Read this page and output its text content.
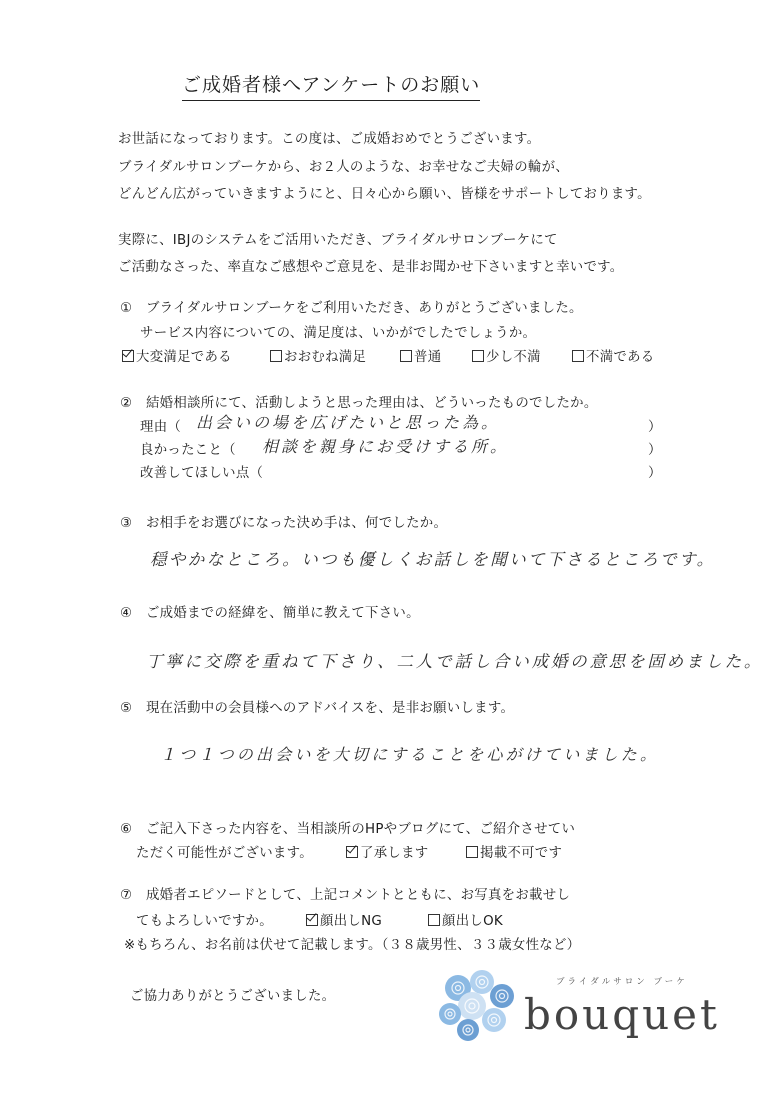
ご成婚者様へアンケートのお願い
お世話になっております。この度は、ご成婚おめでとうございます。
ブライダルサロンブーケから、お２人のような、お幸せなご夫婦の輪が、
どんどん広がっていきますようにと、日々心から願い、皆様をサポートしております。
実際に、IBJのシステムをご活用いただき、ブライダルサロンブーケにて
ご活動なさった、率直なご感想やご意見を、是非お聞かせ下さいますと幸いです。
①　ブライダルサロンブーケをご利用いただき、ありがとうございました。
サービス内容についての、満足度は、いかがでしたでしょうか。
大変満足である	おおむね満足	普通	少し不満	不満である
②　結婚相談所にて、活動しようと思った理由は、どういったものでしたか。
理由（ 出会いの場を広げたいと思った為。	）
良かったこと（ 相談を親身にお受けする所。	）
改善してほしい点（	）
③　お相手をお選びになった決め手は、何でしたか。
穏やかなところ。いつも優しくお話しを聞いて下さるところです。
④　ご成婚までの経緯を、簡単に教えて下さい。
丁寧に交際を重ねて下さり、二人で話し合い成婚の意思を固めました。
⑤　現在活動中の会員様へのアドバイスを、是非お願いします。
１つ１つの出会いを大切にすることを心がけていました。
⑥　ご記入下さった内容を、当相談所のHPやブログにて、ご紹介させてい
ただく可能性がございます。	了承します	掲載不可です
⑦　成婚者エピソードとして、上記コメントとともに、お写真をお載せし
てもよろしいですか。	顔出しNG	顔出しOK
※もちろん、お名前は伏せて記載します。（３８歳男性、３３歳女性など）
ご協力ありがとうございました。
ブライダルサロン ブーケ
bouquet
